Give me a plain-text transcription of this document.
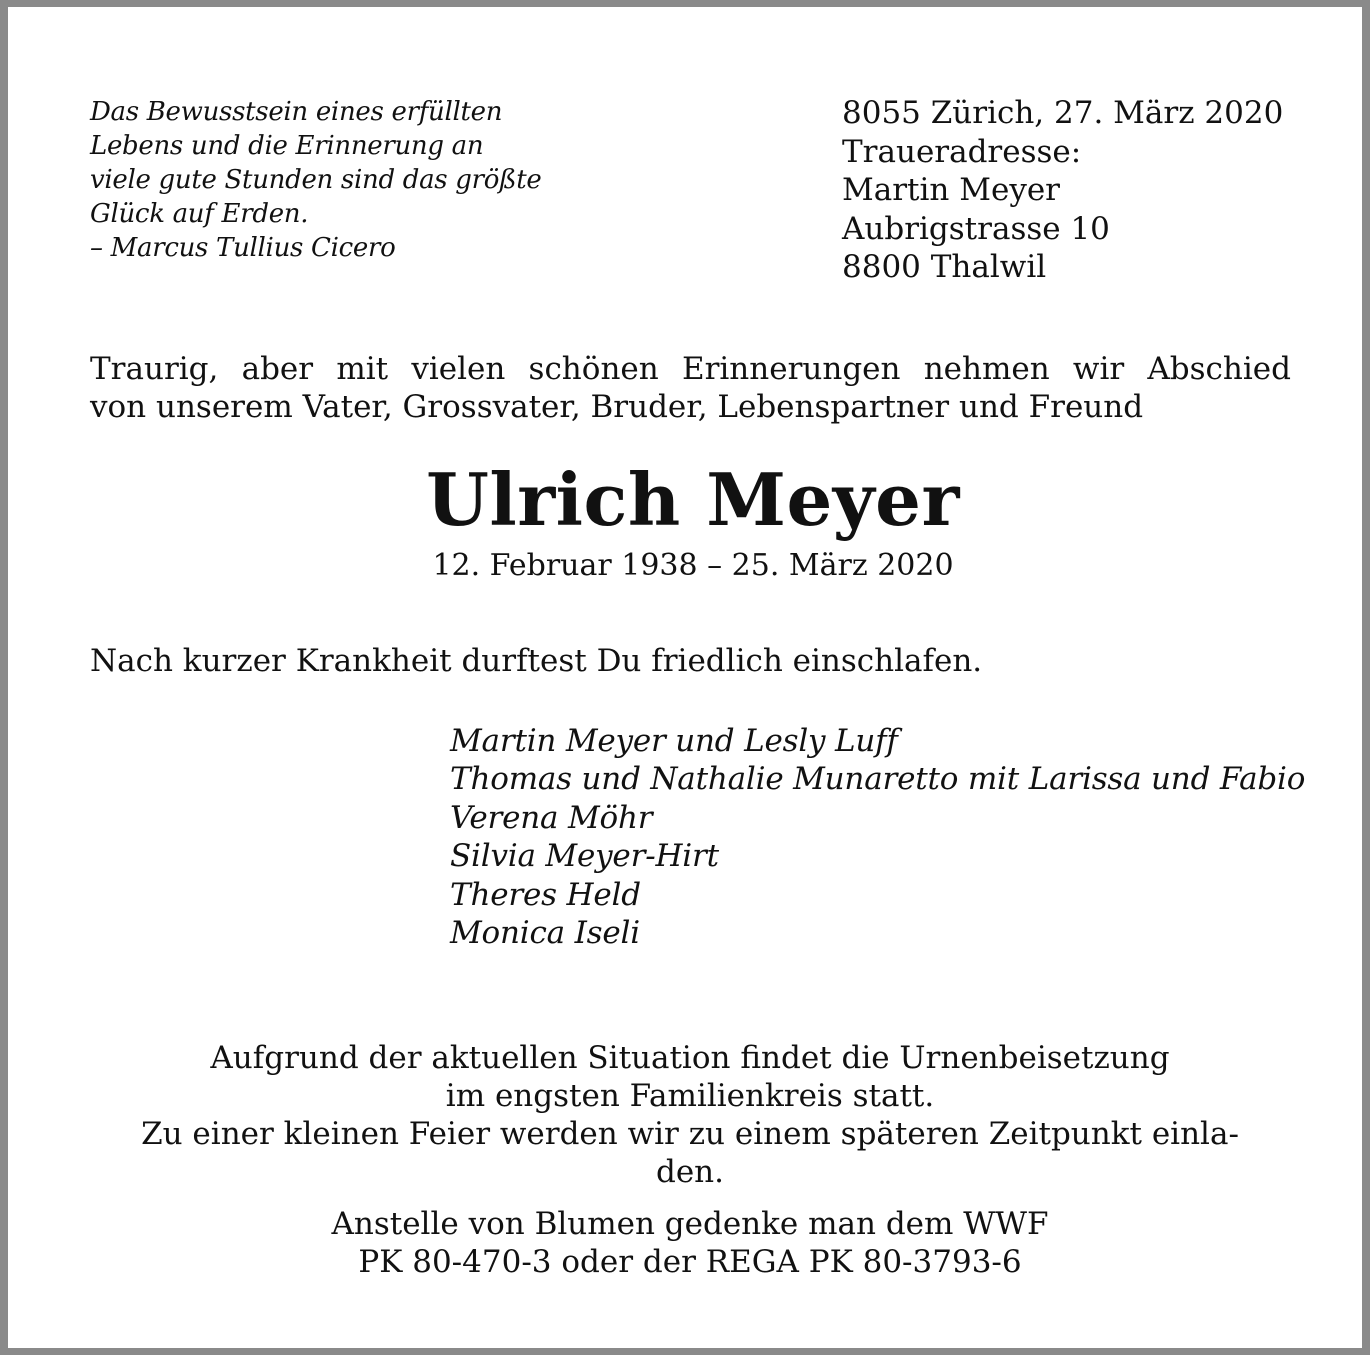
Das Bewusstsein eines erfüllten
Lebens und die Erinnerung an
viele gute Stunden sind das größte
Glück auf Erden.
– Marcus Tullius Cicero
8055 Zürich, 27. März 2020
Traueradresse:
Martin Meyer
Aubrigstrasse 10
8800 Thalwil
Traurig, aber mit vielen schönen Erinnerungen nehmen wir Abschied
von unserem Vater, Grossvater, Bruder, Lebenspartner und Freund
Ulrich Meyer
12. Februar 1938 – 25. März 2020
Nach kurzer Krankheit durftest Du friedlich einschlafen.
Martin Meyer und Lesly Luff
Thomas und Nathalie Munaretto mit Larissa und Fabio
Verena Möhr
Silvia Meyer-Hirt
Theres Held
Monica Iseli
Aufgrund der aktuellen Situation findet die Urnenbeisetzung
im engsten Familienkreis statt.
Zu einer kleinen Feier werden wir zu einem späteren Zeitpunkt einla-
den.
Anstelle von Blumen gedenke man dem WWF
PK 80-470-3 oder der REGA PK 80-3793-6
